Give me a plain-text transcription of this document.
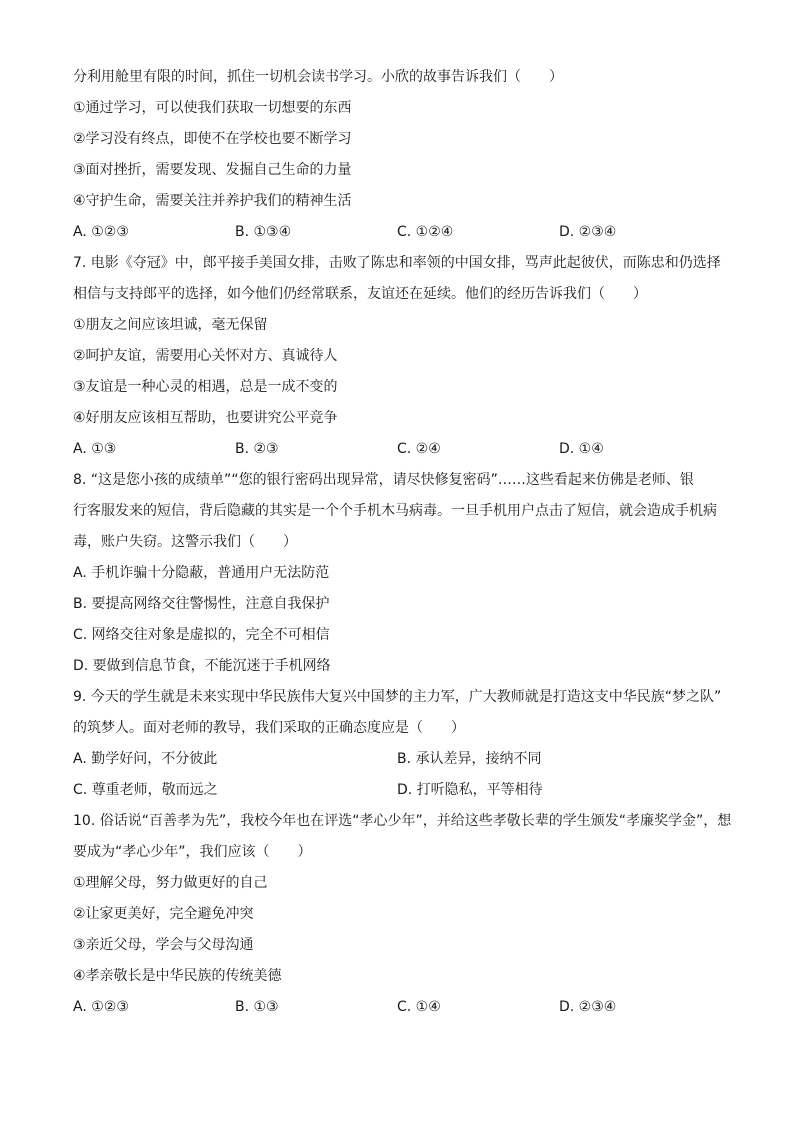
分利用舱里有限的时间，抓住一切机会读书学习。小欣的故事告诉我们（　　）
①通过学习，可以使我们获取一切想要的东西
②学习没有终点，即使不在学校也要不断学习
③面对挫折，需要发现、发掘自己生命的力量
④守护生命，需要关注并养护我们的精神生活
A. ①②③	B. ①③④	C. ①②④	D. ②③④
7. 电影《夺冠》中，郎平接手美国女排，击败了陈忠和率领的中国女排，骂声此起彼伏，而陈忠和仍选择
相信与支持郎平的选择，如今他们仍经常联系，友谊还在延续。他们的经历告诉我们（　　）
①朋友之间应该坦诚，毫无保留
②呵护友谊，需要用心关怀对方、真诚待人
③友谊是一种心灵的相遇，总是一成不变的
④好朋友应该相互帮助，也要讲究公平竞争
A. ①③	B. ②③	C. ②④	D. ①④
8. “这是您小孩的成绩单”“您的银行密码出现异常，请尽快修复密码”……这些看起来仿佛是老师、银
行客服发来的短信，背后隐藏的其实是一个个手机木马病毒。一旦手机用户点击了短信，就会造成手机病
毒，账户失窃。这警示我们（　　）
A. 手机诈骗十分隐蔽，普通用户无法防范
B. 要提高网络交往警惕性，注意自我保护
C. 网络交往对象是虚拟的，完全不可相信
D. 要做到信息节食，不能沉迷于手机网络
9. 今天的学生就是未来实现中华民族伟大复兴中国梦的主力军，广大教师就是打造这支中华民族“梦之队”
的筑梦人。面对老师的教导，我们采取的正确态度应是（　　）
A. 勤学好问，不分彼此	B. 承认差异，接纳不同
C. 尊重老师，敬而远之	D. 打听隐私，平等相待
10. 俗话说“百善孝为先”，我校今年也在评选“孝心少年”，并给这些孝敬长辈的学生颁发“孝廉奖学金”，想
要成为“孝心少年”，我们应该（　　）
①理解父母，努力做更好的自己
②让家更美好，完全避免冲突
③亲近父母，学会与父母沟通
④孝亲敬长是中华民族的传统美德
A. ①②③	B. ①③	C. ①④	D. ②③④
